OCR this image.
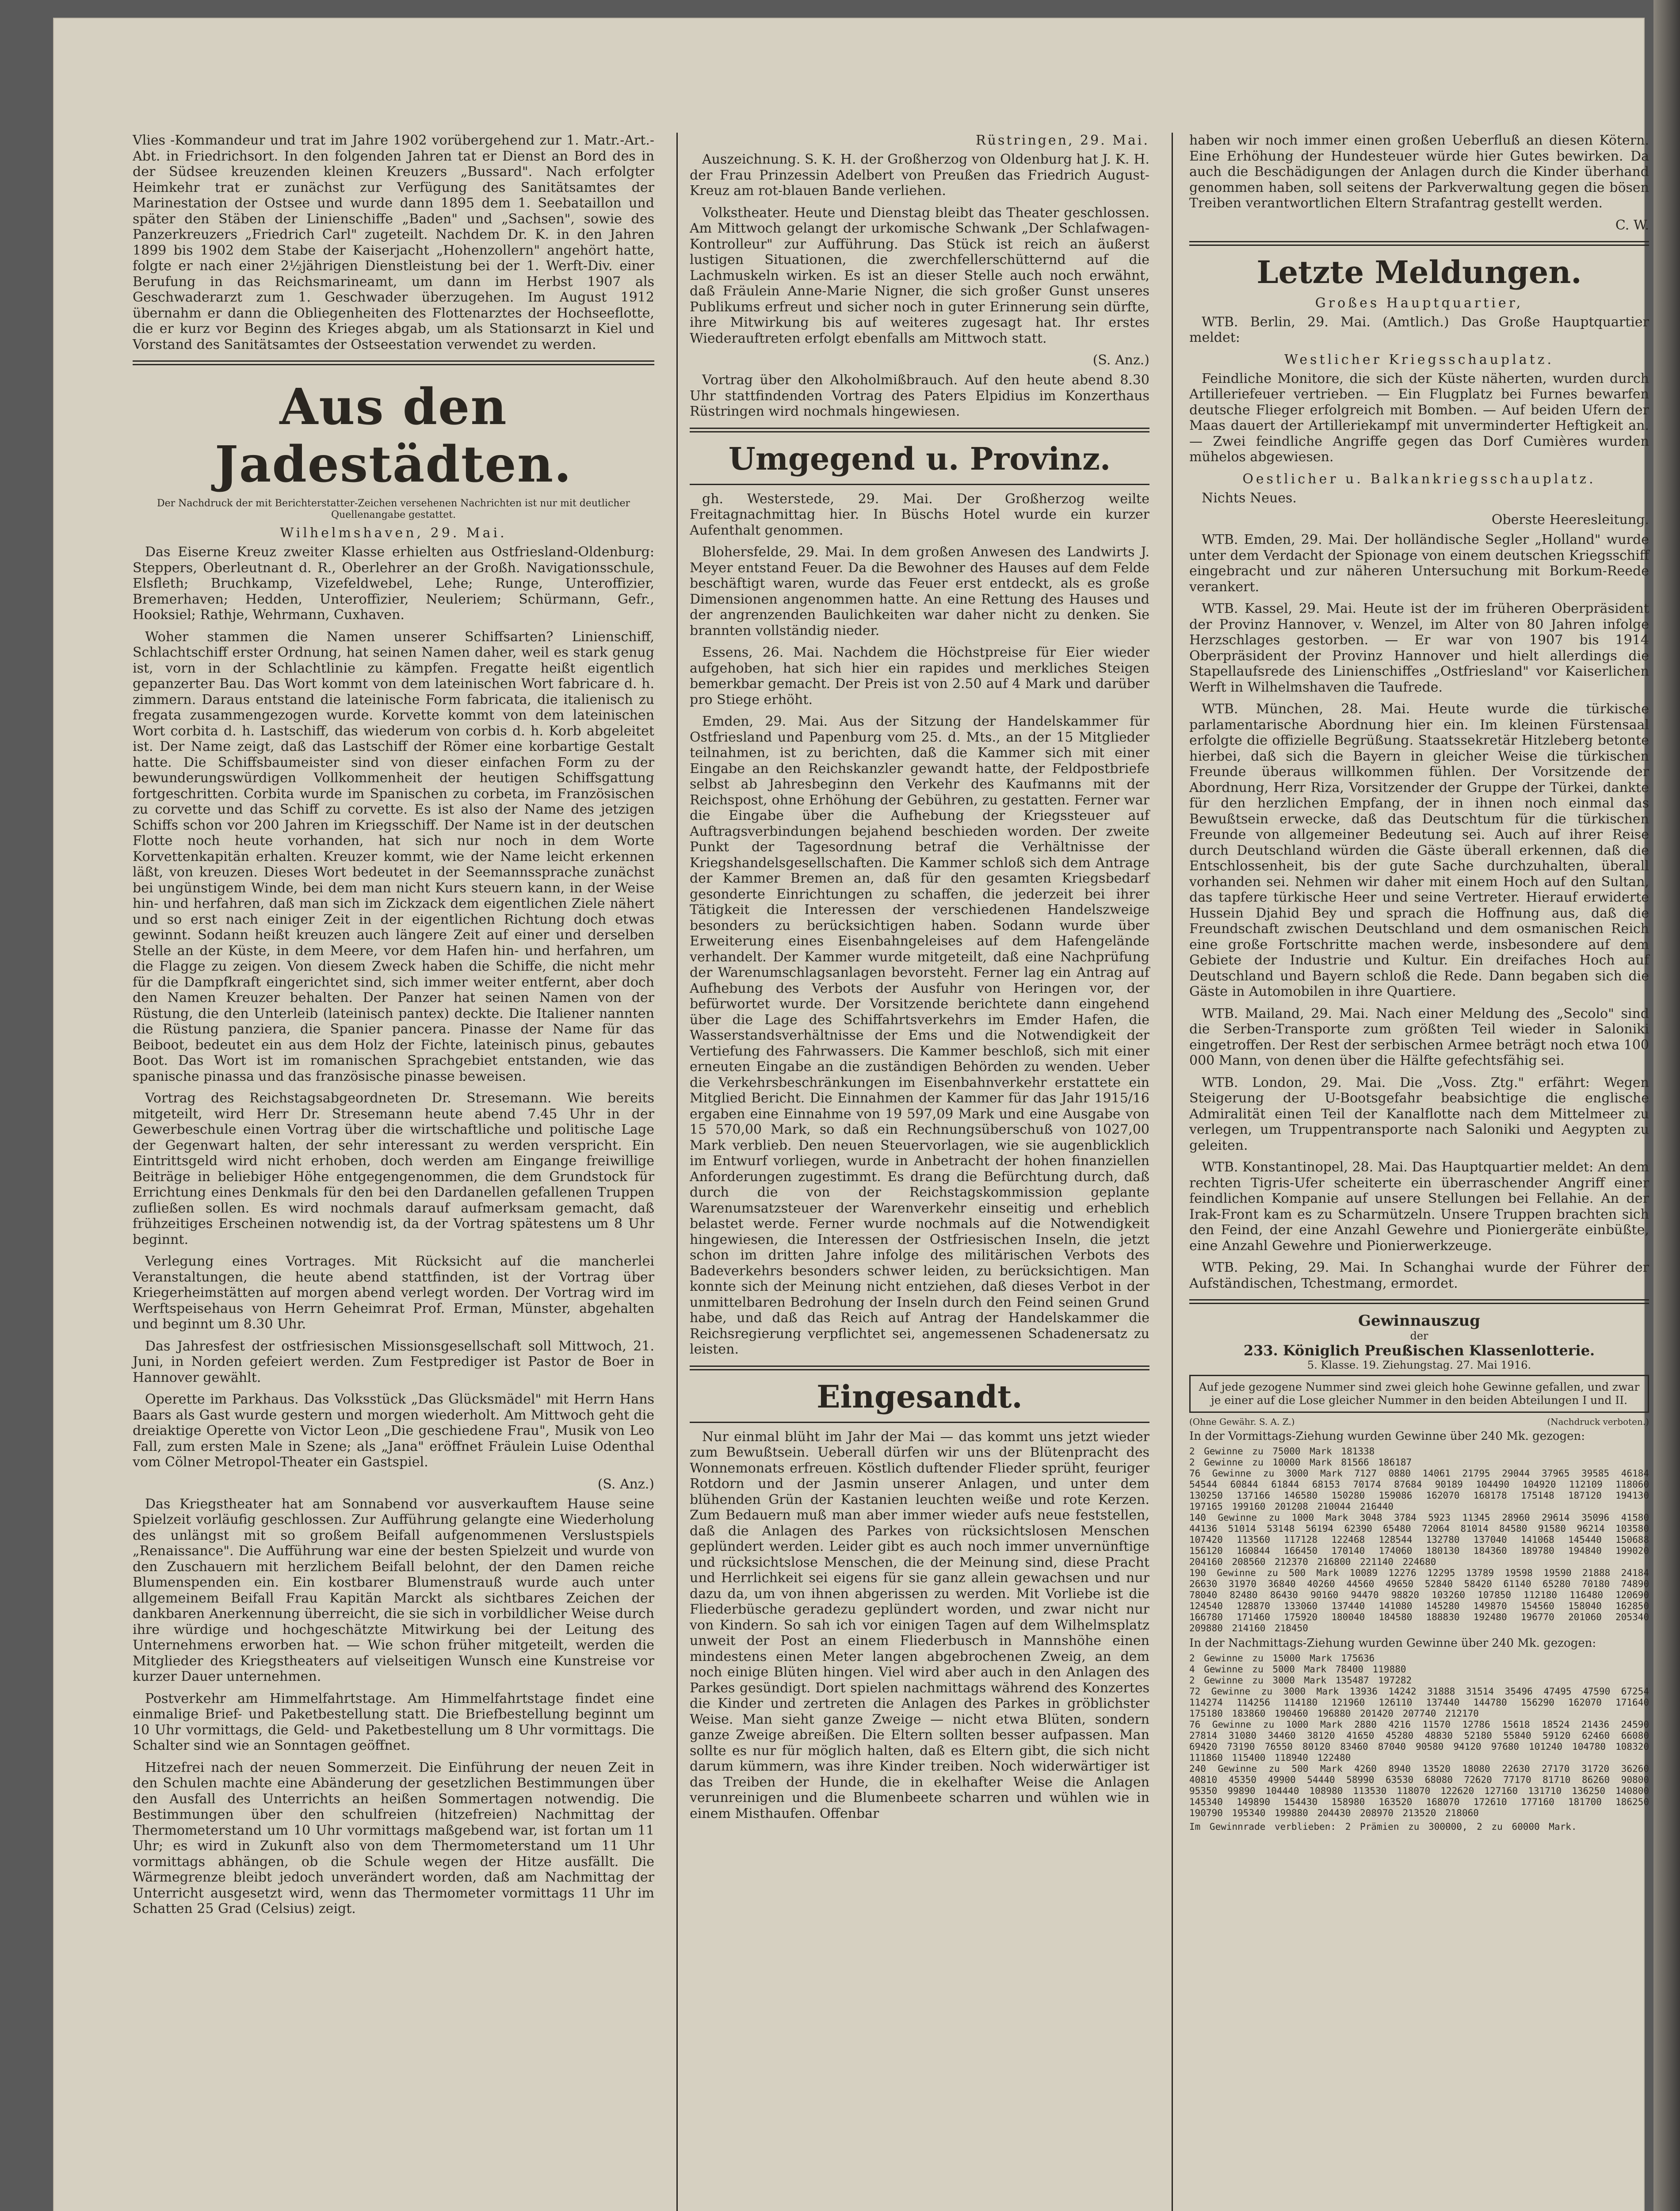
Vlies -Kommandeur und trat im Jahre 1902 vorübergehend zur 1. Matr.-Art.-Abt. in Friedrichsort. In den folgenden Jahren tat er Dienst an Bord des in der Südsee kreuzenden kleinen Kreuzers „Bussard". Nach erfolgter Heimkehr trat er zunächst zur Verfügung des Sanitätsamtes der Marinestation der Ostsee und wurde dann 1895 dem 1. Seebataillon und später den Stäben der Linienschiffe „Baden" und „Sachsen", sowie des Panzerkreuzers „Friedrich Carl" zugeteilt. Nachdem Dr. K. in den Jahren 1899 bis 1902 dem Stabe der Kaiserjacht „Hohenzollern" angehört hatte, folgte er nach einer 2½jährigen Dienstleistung bei der 1. Werft-Div. einer Berufung in das Reichsmarineamt, um dann im Herbst 1907 als Geschwaderarzt zum 1. Geschwader überzugehen. Im August 1912 übernahm er dann die Obliegenheiten des Flottenarztes der Hochseeflotte, die er kurz vor Beginn des Krieges abgab, um als Stationsarzt in Kiel und Vorstand des Sanitätsamtes der Ostseestation verwendet zu werden.

Aus den Jadestädten.
Der Nachdruck der mit Berichterstatter-Zeichen versehenen Nachrichten ist nur mit deutlicher Quellenangabe gestattet.
Wilhelmshaven, 29. Mai.

Das Eiserne Kreuz zweiter Klasse erhielten aus Ostfriesland-Oldenburg: Steppers, Oberleutnant d. R., Oberlehrer an der Großh. Navigationsschule, Elsfleth; Bruchkamp, Vizefeldwebel, Lehe; Runge, Unteroffizier, Bremerhaven; Hedden, Unteroffizier, Neuleriem; Schürmann, Gefr., Hooksiel; Rathje, Wehrmann, Cuxhaven.

Woher stammen die Namen unserer Schiffsarten? Linienschiff, Schlachtschiff erster Ordnung, hat seinen Namen daher, weil es stark genug ist, vorn in der Schlachtlinie zu kämpfen. Fregatte heißt eigentlich gepanzerter Bau. Das Wort kommt von dem lateinischen Wort fabricare d. h. zimmern. Daraus entstand die lateinische Form fabricata, die italienisch zu fregata zusammengezogen wurde. Korvette kommt von dem lateinischen Wort corbita d. h. Lastschiff, das wiederum von corbis d. h. Korb abgeleitet ist. Der Name zeigt, daß das Lastschiff der Römer eine korbartige Gestalt hatte. Die Schiffsbaumeister sind von dieser einfachen Form zu der bewunderungswürdigen Vollkommenheit der heutigen Schiffsgattung fortgeschritten. Corbita wurde im Spanischen zu corbeta, im Französischen zu corvette und das Schiff zu corvette. Es ist also der Name des jetzigen Schiffs schon vor 200 Jahren im Kriegsschiff. Der Name ist in der deutschen Flotte noch heute vorhanden, hat sich nur noch in dem Worte Korvettenkapitän erhalten. Kreuzer kommt, wie der Name leicht erkennen läßt, von kreuzen. Dieses Wort bedeutet in der Seemannssprache zunächst bei ungünstigem Winde, bei dem man nicht Kurs steuern kann, in der Weise hin- und herfahren, daß man sich im Zickzack dem eigentlichen Ziele nähert und so erst nach einiger Zeit in der eigentlichen Richtung doch etwas gewinnt. Sodann heißt kreuzen auch längere Zeit auf einer und derselben Stelle an der Küste, in dem Meere, vor dem Hafen hin- und herfahren, um die Flagge zu zeigen. Von diesem Zweck haben die Schiffe, die nicht mehr für die Dampfkraft eingerichtet sind, sich immer weiter entfernt, aber doch den Namen Kreuzer behalten. Der Panzer hat seinen Namen von der Rüstung, die den Unterleib (lateinisch pantex) deckte. Die Italiener nannten die Rüstung panziera, die Spanier pancera. Pinasse der Name für das Beiboot, bedeutet ein aus dem Holz der Fichte, lateinisch pinus, gebautes Boot. Das Wort ist im romanischen Sprachgebiet entstanden, wie das spanische pinassa und das französische pinasse beweisen.

Vortrag des Reichstagsabgeordneten Dr. Stresemann. Wie bereits mitgeteilt, wird Herr Dr. Stresemann heute abend 7.45 Uhr in der Gewerbeschule einen Vortrag über die wirtschaftliche und politische Lage der Gegenwart halten, der sehr interessant zu werden verspricht. Ein Eintrittsgeld wird nicht erhoben, doch werden am Eingange freiwillige Beiträge in beliebiger Höhe entgegengenommen, die dem Grundstock für Errichtung eines Denkmals für den bei den Dardanellen gefallenen Truppen zufließen sollen. Es wird nochmals darauf aufmerksam gemacht, daß frühzeitiges Erscheinen notwendig ist, da der Vortrag spätestens um 8 Uhr beginnt.

Verlegung eines Vortrages. Mit Rücksicht auf die mancherlei Veranstaltungen, die heute abend stattfinden, ist der Vortrag über Kriegerheimstätten auf morgen abend verlegt worden. Der Vortrag wird im Werftspeisehaus von Herrn Geheimrat Prof. Erman, Münster, abgehalten und beginnt um 8.30 Uhr.

Das Jahresfest der ostfriesischen Missionsgesellschaft soll Mittwoch, 21. Juni, in Norden gefeiert werden. Zum Festprediger ist Pastor de Boer in Hannover gewählt.

Operette im Parkhaus. Das Volksstück „Das Glücksmädel" mit Herrn Hans Baars als Gast wurde gestern und morgen wiederholt. Am Mittwoch geht die dreiaktige Operette von Victor Leon „Die geschiedene Frau", Musik von Leo Fall, zum ersten Male in Szene; als „Jana" eröffnet Fräulein Luise Odenthal vom Cölner Metropol-Theater ein Gastspiel.

(S. Anz.)

Das Kriegstheater hat am Sonnabend vor ausverkauftem Hause seine Spielzeit vorläufig geschlossen. Zur Aufführung gelangte eine Wiederholung des unlängst mit so großem Beifall aufgenommenen Verslustspiels „Renaissance". Die Aufführung war eine der besten Spielzeit und wurde von den Zuschauern mit herzlichem Beifall belohnt, der den Damen reiche Blumenspenden ein. Ein kostbarer Blumenstrauß wurde auch unter allgemeinem Beifall Frau Kapitän Marckt als sichtbares Zeichen der dankbaren Anerkennung überreicht, die sie sich in vorbildlicher Weise durch ihre würdige und hochgeschätzte Mitwirkung bei der Leitung des Unternehmens erworben hat. — Wie schon früher mitgeteilt, werden die Mitglieder des Kriegstheaters auf vielseitigen Wunsch eine Kunstreise vor kurzer Dauer unternehmen.

Postverkehr am Himmelfahrtstage. Am Himmelfahrtstage findet eine einmalige Brief- und Paketbestellung statt. Die Briefbestellung beginnt um 10 Uhr vormittags, die Geld- und Paketbestellung um 8 Uhr vormittags. Die Schalter sind wie an Sonntagen geöffnet.

Hitzefrei nach der neuen Sommerzeit. Die Einführung der neuen Zeit in den Schulen machte eine Abänderung der gesetzlichen Bestimmungen über den Ausfall des Unterrichts an heißen Sommertagen notwendig. Die Bestimmungen über den schulfreien (hitzefreien) Nachmittag der Thermometerstand um 10 Uhr vormittags maßgebend war, ist fortan um 11 Uhr; es wird in Zukunft also von dem Thermometerstand um 11 Uhr vormittags abhängen, ob die Schule wegen der Hitze ausfällt. Die Wärmegrenze bleibt jedoch unverändert worden, daß am Nachmittag der Unterricht ausgesetzt wird, wenn das Thermometer vormittags 11 Uhr im Schatten 25 Grad (Celsius) zeigt.

Rüstringen, 29. Mai.

Auszeichnung. S. K. H. der Großherzog von Oldenburg hat J. K. H. der Frau Prinzessin Adelbert von Preußen das Friedrich August-Kreuz am rot-blauen Bande verliehen.

Volkstheater. Heute und Dienstag bleibt das Theater geschlossen. Am Mittwoch gelangt der urkomische Schwank „Der Schlafwagen-Kontrolleur" zur Aufführung. Das Stück ist reich an äußerst lustigen Situationen, die zwerchfellerschütternd auf die Lachmuskeln wirken. Es ist an dieser Stelle auch noch erwähnt, daß Fräulein Anne-Marie Nigner, die sich großer Gunst unseres Publikums erfreut und sicher noch in guter Erinnerung sein dürfte, ihre Mitwirkung bis auf weiteres zugesagt hat. Ihr erstes Wiederauftreten erfolgt ebenfalls am Mittwoch statt.

(S. Anz.)

Vortrag über den Alkoholmißbrauch. Auf den heute abend 8.30 Uhr stattfindenden Vortrag des Paters Elpidius im Konzerthaus Rüstringen wird nochmals hingewiesen.

Umgegend u. Provinz.

gh. Westerstede, 29. Mai. Der Großherzog weilte Freitagnachmittag hier. In Büschs Hotel wurde ein kurzer Aufenthalt genommen.

Blohersfelde, 29. Mai. In dem großen Anwesen des Landwirts J. Meyer entstand Feuer. Da die Bewohner des Hauses auf dem Felde beschäftigt waren, wurde das Feuer erst entdeckt, als es große Dimensionen angenommen hatte. An eine Rettung des Hauses und der angrenzenden Baulichkeiten war daher nicht zu denken. Sie brannten vollständig nieder.

Essens, 26. Mai. Nachdem die Höchstpreise für Eier wieder aufgehoben, hat sich hier ein rapides und merkliches Steigen bemerkbar gemacht. Der Preis ist von 2.50 auf 4 Mark und darüber pro Stiege erhöht.

Emden, 29. Mai. Aus der Sitzung der Handelskammer für Ostfriesland und Papenburg vom 25. d. Mts., an der 15 Mitglieder teilnahmen, ist zu berichten, daß die Kammer sich mit einer Eingabe an den Reichskanzler gewandt hatte, der Feldpostbriefe selbst ab Jahresbeginn den Verkehr des Kaufmanns mit der Reichspost, ohne Erhöhung der Gebühren, zu gestatten. Ferner war die Eingabe über die Aufhebung der Kriegssteuer auf Auftragsverbindungen bejahend beschieden worden. Der zweite Punkt der Tagesordnung betraf die Verhältnisse der Kriegshandelsgesellschaften. Die Kammer schloß sich dem Antrage der Kammer Bremen an, daß für den gesamten Kriegsbedarf gesonderte Einrichtungen zu schaffen, die jederzeit bei ihrer Tätigkeit die Interessen der verschiedenen Handelszweige besonders zu berücksichtigen haben. Sodann wurde über Erweiterung eines Eisenbahngeleises auf dem Hafengelände verhandelt. Der Kammer wurde mitgeteilt, daß eine Nachprüfung der Warenumschlagsanlagen bevorsteht. Ferner lag ein Antrag auf Aufhebung des Verbots der Ausfuhr von Heringen vor, der befürwortet wurde. Der Vorsitzende berichtete dann eingehend über die Lage des Schiffahrtsverkehrs im Emder Hafen, die Wasserstandsverhältnisse der Ems und die Notwendigkeit der Vertiefung des Fahrwassers. Die Kammer beschloß, sich mit einer erneuten Eingabe an die zuständigen Behörden zu wenden. Ueber die Verkehrsbeschränkungen im Eisenbahnverkehr erstattete ein Mitglied Bericht. Die Einnahmen der Kammer für das Jahr 1915/16 ergaben eine Einnahme von 19 597,09 Mark und eine Ausgabe von 15 570,00 Mark, so daß ein Rechnungsüberschuß von 1027,00 Mark verblieb. Den neuen Steuervorlagen, wie sie augenblicklich im Entwurf vorliegen, wurde in Anbetracht der hohen finanziellen Anforderungen zugestimmt. Es drang die Befürchtung durch, daß durch die von der Reichstagskommission geplante Warenumsatzsteuer der Warenverkehr einseitig und erheblich belastet werde. Ferner wurde nochmals auf die Notwendigkeit hingewiesen, die Interessen der Ostfriesischen Inseln, die jetzt schon im dritten Jahre infolge des militärischen Verbots des Badeverkehrs besonders schwer leiden, zu berücksichtigen. Man konnte sich der Meinung nicht entziehen, daß dieses Verbot in der unmittelbaren Bedrohung der Inseln durch den Feind seinen Grund habe, und daß das Reich auf Antrag der Handelskammer die Reichsregierung verpflichtet sei, angemessenen Schadenersatz zu leisten.

Eingesandt.

Nur einmal blüht im Jahr der Mai — das kommt uns jetzt wieder zum Bewußtsein. Ueberall dürfen wir uns der Blütenpracht des Wonnemonats erfreuen. Köstlich duftender Flieder sprüht, feuriger Rotdorn und der Jasmin unserer Anlagen, und unter dem blühenden Grün der Kastanien leuchten weiße und rote Kerzen. Zum Bedauern muß man aber immer wieder aufs neue feststellen, daß die Anlagen des Parkes von rücksichtslosen Menschen geplündert werden. Leider gibt es auch noch immer unvernünftige und rücksichtslose Menschen, die der Meinung sind, diese Pracht und Herrlichkeit sei eigens für sie ganz allein gewachsen und nur dazu da, um von ihnen abgerissen zu werden. Mit Vorliebe ist die Fliederbüsche geradezu geplündert worden, und zwar nicht nur von Kindern. So sah ich vor einigen Tagen auf dem Wilhelmsplatz unweit der Post an einem Fliederbusch in Mannshöhe einen mindestens einen Meter langen abgebrochenen Zweig, an dem noch einige Blüten hingen. Viel wird aber auch in den Anlagen des Parkes gesündigt. Dort spielen nachmittags während des Konzertes die Kinder und zertreten die Anlagen des Parkes in gröblichster Weise. Man sieht ganze Zweige — nicht etwa Blüten, sondern ganze Zweige abreißen. Die Eltern sollten besser aufpassen. Man sollte es nur für möglich halten, daß es Eltern gibt, die sich nicht darum kümmern, was ihre Kinder treiben. Noch widerwärtiger ist das Treiben der Hunde, die in ekelhafter Weise die Anlagen verunreinigen und die Blumenbeete scharren und wühlen wie in einem Misthaufen. Offenbar

haben wir noch immer einen großen Ueberfluß an diesen Kötern. Eine Erhöhung der Hundesteuer würde hier Gutes bewirken. Da auch die Beschädigungen der Anlagen durch die Kinder überhand genommen haben, soll seitens der Parkverwaltung gegen die bösen Treiben verantwortlichen Eltern Strafantrag gestellt werden.

C. W.
Letzte Meldungen.
Großes Hauptquartier,

WTB. Berlin, 29. Mai. (Amtlich.) Das Große Hauptquartier meldet:

Westlicher Kriegsschauplatz.

Feindliche Monitore, die sich der Küste näherten, wurden durch Artilleriefeuer vertrieben. — Ein Flugplatz bei Furnes bewarfen deutsche Flieger erfolgreich mit Bomben. — Auf beiden Ufern der Maas dauert der Artilleriekampf mit unverminderter Heftigkeit an. — Zwei feindliche Angriffe gegen das Dorf Cumières wurden mühelos abgewiesen.

Oestlicher u. Balkankriegsschauplatz.

Nichts Neues.

Oberste Heeresleitung.

WTB. Emden, 29. Mai. Der holländische Segler „Holland" wurde unter dem Verdacht der Spionage von einem deutschen Kriegsschiff eingebracht und zur näheren Untersuchung mit Borkum-Reede verankert.

WTB. Kassel, 29. Mai. Heute ist der im früheren Oberpräsident der Provinz Hannover, v. Wenzel, im Alter von 80 Jahren infolge Herzschlages gestorben. — Er war von 1907 bis 1914 Oberpräsident der Provinz Hannover und hielt allerdings die Stapellaufsrede des Linienschiffes „Ostfriesland" vor Kaiserlichen Werft in Wilhelmshaven die Taufrede.

WTB. München, 28. Mai. Heute wurde die türkische parlamentarische Abordnung hier ein. Im kleinen Fürstensaal erfolgte die offizielle Begrüßung. Staatssekretär Hitzleberg betonte hierbei, daß sich die Bayern in gleicher Weise die türkischen Freunde überaus willkommen fühlen. Der Vorsitzende der Abordnung, Herr Riza, Vorsitzender der Gruppe der Türkei, dankte für den herzlichen Empfang, der in ihnen noch einmal das Bewußtsein erwecke, daß das Deutschtum für die türkischen Freunde von allgemeiner Bedeutung sei. Auch auf ihrer Reise durch Deutschland würden die Gäste überall erkennen, daß die Entschlossenheit, bis der gute Sache durchzuhalten, überall vorhanden sei. Nehmen wir daher mit einem Hoch auf den Sultan, das tapfere türkische Heer und seine Vertreter. Hierauf erwiderte Hussein Djahid Bey und sprach die Hoffnung aus, daß die Freundschaft zwischen Deutschland und dem osmanischen Reich eine große Fortschritte machen werde, insbesondere auf dem Gebiete der Industrie und Kultur. Ein dreifaches Hoch auf Deutschland und Bayern schloß die Rede. Dann begaben sich die Gäste in Automobilen in ihre Quartiere.

WTB. Mailand, 29. Mai. Nach einer Meldung des „Secolo" sind die Serben-Transporte zum größten Teil wieder in Saloniki eingetroffen. Der Rest der serbischen Armee beträgt noch etwa 100 000 Mann, von denen über die Hälfte gefechtsfähig sei.

WTB. London, 29. Mai. Die „Voss. Ztg." erfährt: Wegen Steigerung der U-Bootsgefahr beabsichtige die englische Admiralität einen Teil der Kanalflotte nach dem Mittelmeer zu verlegen, um Truppentransporte nach Saloniki und Aegypten zu geleiten.

WTB. Konstantinopel, 28. Mai. Das Hauptquartier meldet: An dem rechten Tigris-Ufer scheiterte ein überraschender Angriff einer feindlichen Kompanie auf unsere Stellungen bei Fellahie. An der Irak-Front kam es zu Scharmützeln. Unsere Truppen brachten sich den Feind, der eine Anzahl Gewehre und Pioniergeräte einbüßte, eine Anzahl Gewehre und Pionierwerkzeuge.

WTB. Peking, 29. Mai. In Schanghai wurde der Führer der Aufständischen, Tchestmang, ermordet.

Gewinnauszug
der
233. Königlich Preußischen Klassenlotterie.
5. Klasse. 19. Ziehungstag. 27. Mai 1916.
Auf jede gezogene Nummer sind zwei gleich hohe Gewinne gefallen, und zwar je einer auf die Lose gleicher Nummer in den beiden Abteilungen I und II.
(Ohne Gewähr. S. A. Z.)	(Nachdruck verboten.)
In der Vormittags-Ziehung wurden Gewinne über 240 Mk. gezogen:
2 Gewinne zu 75000 Mark 181338
2 Gewinne zu 10000 Mark 81566 186187
76 Gewinne zu 3000 Mark 7127 0880 14061 21795 29044 37965 39585 46184 54544 60844 61844 68153 70174 87684 90189 104490 104920 112109 118060 130250 137166 146580 150280 159086 162070 168178 175148 187120 194130 197165 199160 201208 210044 216440
140 Gewinne zu 1000 Mark 3048 3784 5923 11345 28960 29614 35096 41580 44136 51014 53148 56194 62390 65480 72064 81014 84580 91580 96214 103580 107420 113560 117128 122468 128544 132780 137040 141068 145440 150688 156120 160844 166450 170140 174060 180130 184360 189780 194840 199020 204160 208560 212370 216800 221140 224680
190 Gewinne zu 500 Mark 10089 12276 12295 13789 19598 19590 21888 24184 26630 31970 36840 40260 44560 49650 52840 58420 61140 65280 70180 74890 78040 82480 86430 90160 94470 98820 103260 107850 112180 116480 120690 124540 128870 133060 137440 141080 145280 149870 154560 158040 162850 166780 171460 175920 180040 184580 188830 192480 196770 201060 205340 209880 214160 218450
In der Nachmittags-Ziehung wurden Gewinne über 240 Mk. gezogen:
2 Gewinne zu 15000 Mark 175636
4 Gewinne zu 5000 Mark 78400 119880
2 Gewinne zu 3000 Mark 135487 197282
72 Gewinne zu 3000 Mark 13936 14242 31888 31514 35496 47495 47590 67254 114274 114256 114180 121960 126110 137440 144780 156290 162070 171640 175180 183860 190460 196880 201420 207740 212170
76 Gewinne zu 1000 Mark 2880 4216 11570 12786 15618 18524 21436 24590 27814 31080 34460 38120 41650 45280 48830 52180 55840 59120 62460 66080 69420 73190 76550 80120 83460 87040 90580 94120 97680 101240 104780 108320 111860 115400 118940 122480
240 Gewinne zu 500 Mark 4260 8940 13520 18080 22630 27170 31720 36260 40810 45350 49900 54440 58990 63530 68080 72620 77170 81710 86260 90800 95350 99890 104440 108980 113530 118070 122620 127160 131710 136250 140800 145340 149890 154430 158980 163520 168070 172610 177160 181700 186250 190790 195340 199880 204430 208970 213520 218060
Im Gewinnrade verblieben: 2 Prämien zu 300000, 2 zu 60000 Mark.
